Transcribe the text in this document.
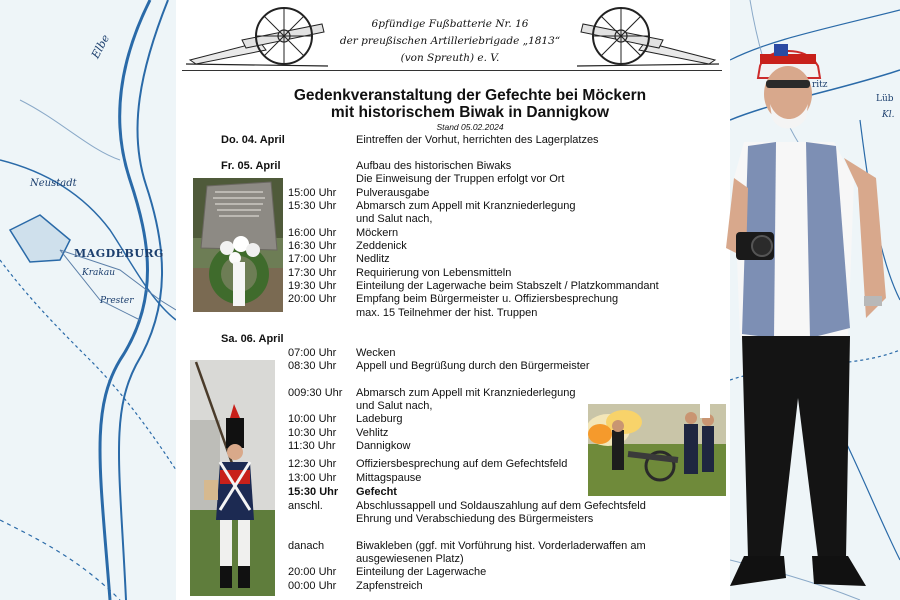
Elbe
Neustadt
MAGDEBURG
Krakau
Prester
ritz
Lüb
Kl.
6pfündige Fußbatterie Nr. 16
der preußischen Artilleriebrigade „1813“
(von Spreuth) e. V.
Gedenkveranstaltung der Gefechte bei Möckern
mit historischem Biwak in Dannigkow
Stand 05.02.2024
Do. 04. April	Eintreffen der Vorhut, herrichten des Lagerplatzes
Fr. 05. April	Aufbau des historischen Biwaks
Die Einweisung der Truppen erfolgt vor Ort
15:00 Uhr Pulverausgabe
15:30 Uhr Abmarsch zum Appell mit Kranzniederlegung
und Salut nach,
16:00 Uhr Möckern
16:30 Uhr Zeddenick
17:00 Uhr Nedlitz
17:30 Uhr Requirierung von Lebensmitteln
19:30 Uhr Einteilung der Lagerwache beim Stabszelt / Platzkommandant
20:00 Uhr Empfang beim Bürgermeister u. Offiziersbesprechung
max. 15 Teilnehmer der hist. Truppen
Sa. 06. April
07:00 Uhr Wecken
08:30 Uhr Appell und Begrüßung durch den Bürgermeister
009:30 Uhr Abmarsch zum Appell mit Kranzniederlegung
und Salut nach,
10:00 Uhr Ladeburg
10:30 Uhr Vehlitz
11:30 Uhr Dannigkow
12:30 Uhr Offiziersbesprechung auf dem Gefechtsfeld
13:00 Uhr Mittagspause
15:30 Uhr Gefecht
anschl.	Abschlussappell und Soldauszahlung auf dem Gefechtsfeld
Ehrung und Verabschiedung des Bürgermeisters
danach	Biwakleben (ggf. mit Vorführung hist. Vorderladerwaffen am
ausgewiesenen Platz)
20:00 Uhr Einteilung der Lagerwache
00:00 Uhr Zapfenstreich
